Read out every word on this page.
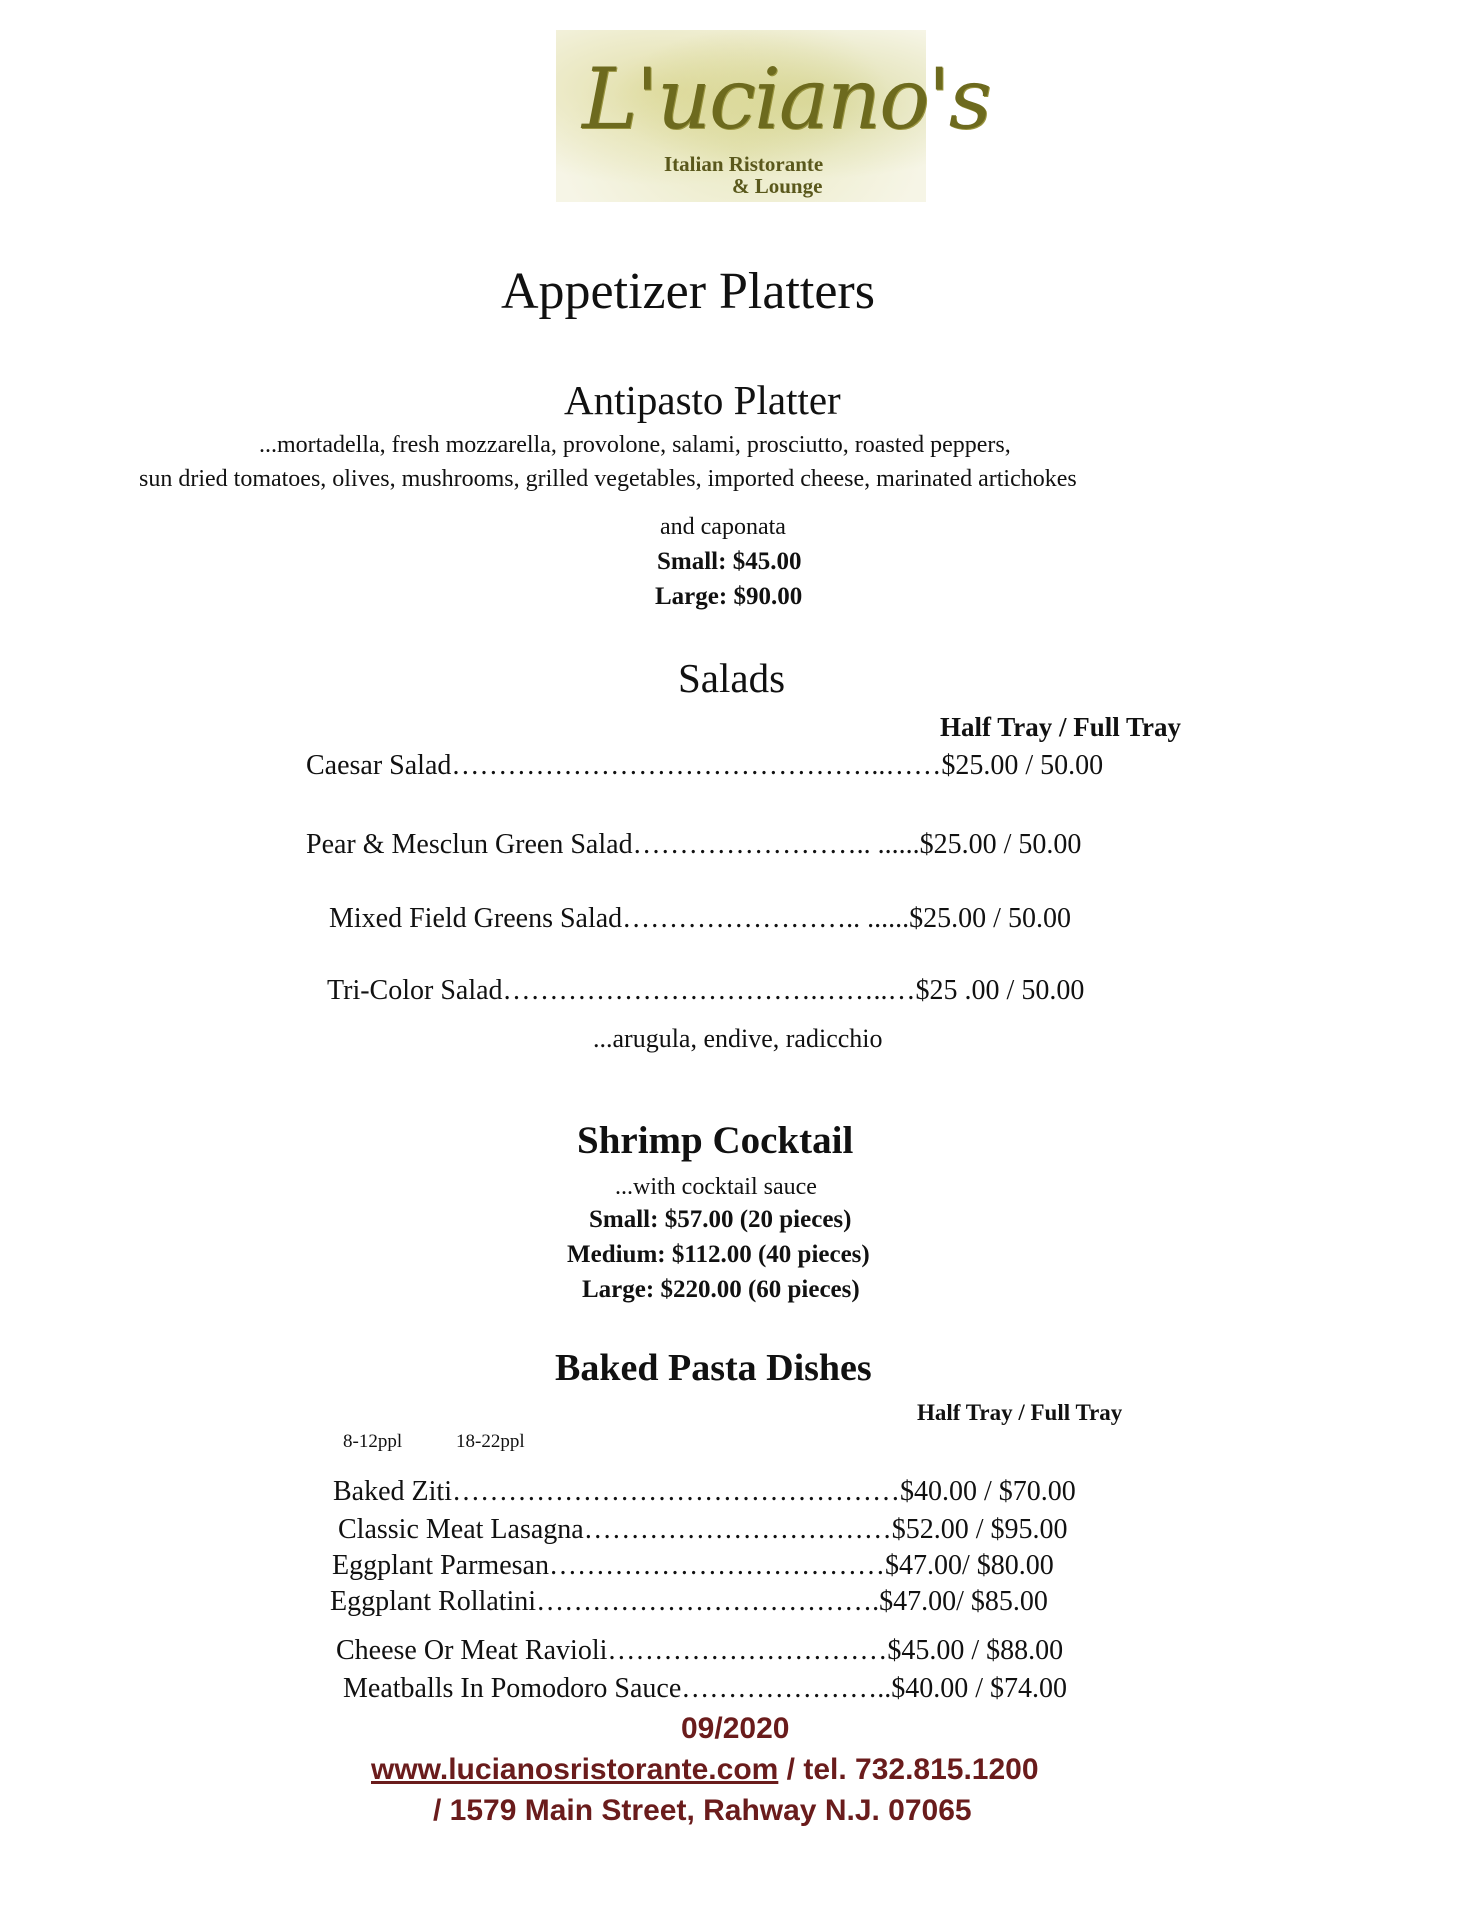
L'uciano's
Italian Ristorante
& Lounge
Appetizer Platters
Antipasto Platter
...mortadella, fresh mozzarella, provolone, salami, prosciutto, roasted peppers,
sun dried tomatoes, olives, mushrooms, grilled vegetables, imported cheese, marinated artichokes
and caponata
Small: $45.00
Large: $90.00
Salads
Half Tray / Full Tray
Caesar Salad………………………………………..……$25.00 / 50.00
Pear & Mesclun Green Salad…………………….. ......$25.00 / 50.00
Mixed Field Greens Salad…………………….. ......$25.00 / 50.00
Tri-Color Salad…………………………….……..…$25 .00 / 50.00
...arugula, endive, radicchio
Shrimp Cocktail
...with cocktail sauce
Small: $57.00 (20 pieces)
Medium: $112.00 (40 pieces)
Large: $220.00 (60 pieces)
Baked Pasta Dishes
Half Tray / Full Tray
8-12ppl	18-22ppl
Baked Ziti…………………………………………$40.00 / $70.00
Classic Meat Lasagna……………………………$52.00 / $95.00
Eggplant Parmesan………………………………$47.00/ $80.00
Eggplant Rollatini……………………………….$47.00/ $85.00
Cheese Or Meat Ravioli…………………………$45.00 / $88.00
Meatballs In Pomodoro Sauce…………………..$40.00 / $74.00
09/2020
www.lucianosristorante.com / tel. 732.815.1200
/ 1579 Main Street, Rahway N.J. 07065
